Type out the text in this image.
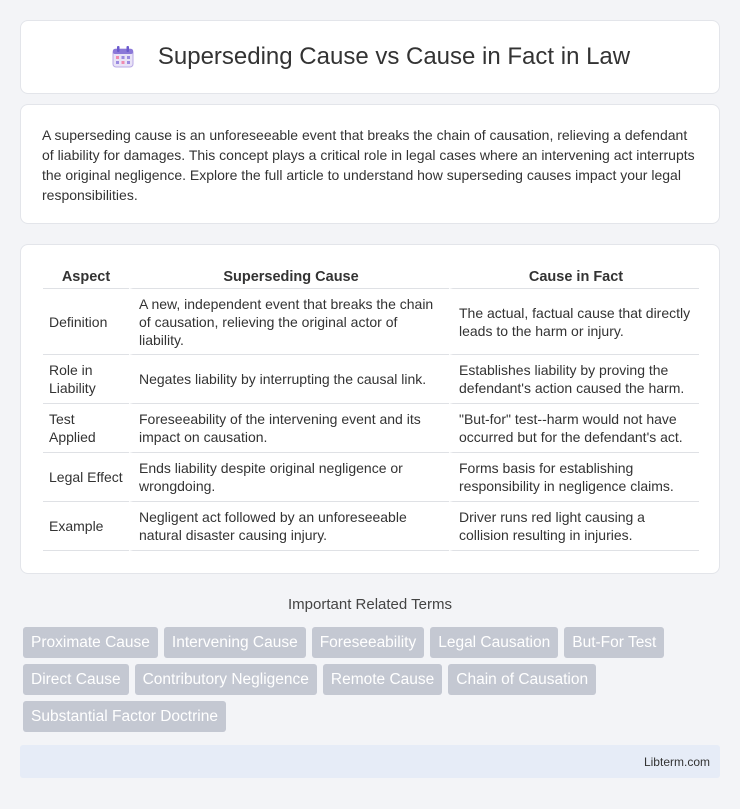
Superseding Cause vs Cause in Fact in Law

A superseding cause is an unforeseeable event that breaks the chain of causation, relieving a defendant of liability for damages. This concept plays a critical role in legal cases where an intervening act interrupts the original negligence. Explore the full article to understand how superseding causes impact your legal responsibilities.

Aspect	Superseding Cause	Cause in Fact
Definition	A new, independent event that breaks the chain of causation, relieving the original actor of liability.	The actual, factual cause that directly leads to the harm or injury.
Role in Liability	Negates liability by interrupting the causal link.	Establishes liability by proving the defendant's action caused the harm.
Test Applied	Foreseeability of the intervening event and its impact on causation.	"But-for" test--harm would not have occurred but for the defendant's act.
Legal Effect	Ends liability despite original negligence or wrongdoing.	Forms basis for establishing responsibility in negligence claims.
Example	Negligent act followed by an unforeseeable natural disaster causing injury.	Driver runs red light causing a collision resulting in injuries.
Important Related Terms
Proximate Cause	Intervening Cause	Foreseeability	Legal Causation	But-For Test
Direct Cause	Contributory Negligence	Remote Cause	Chain of Causation
Substantial Factor Doctrine
Libterm.com
